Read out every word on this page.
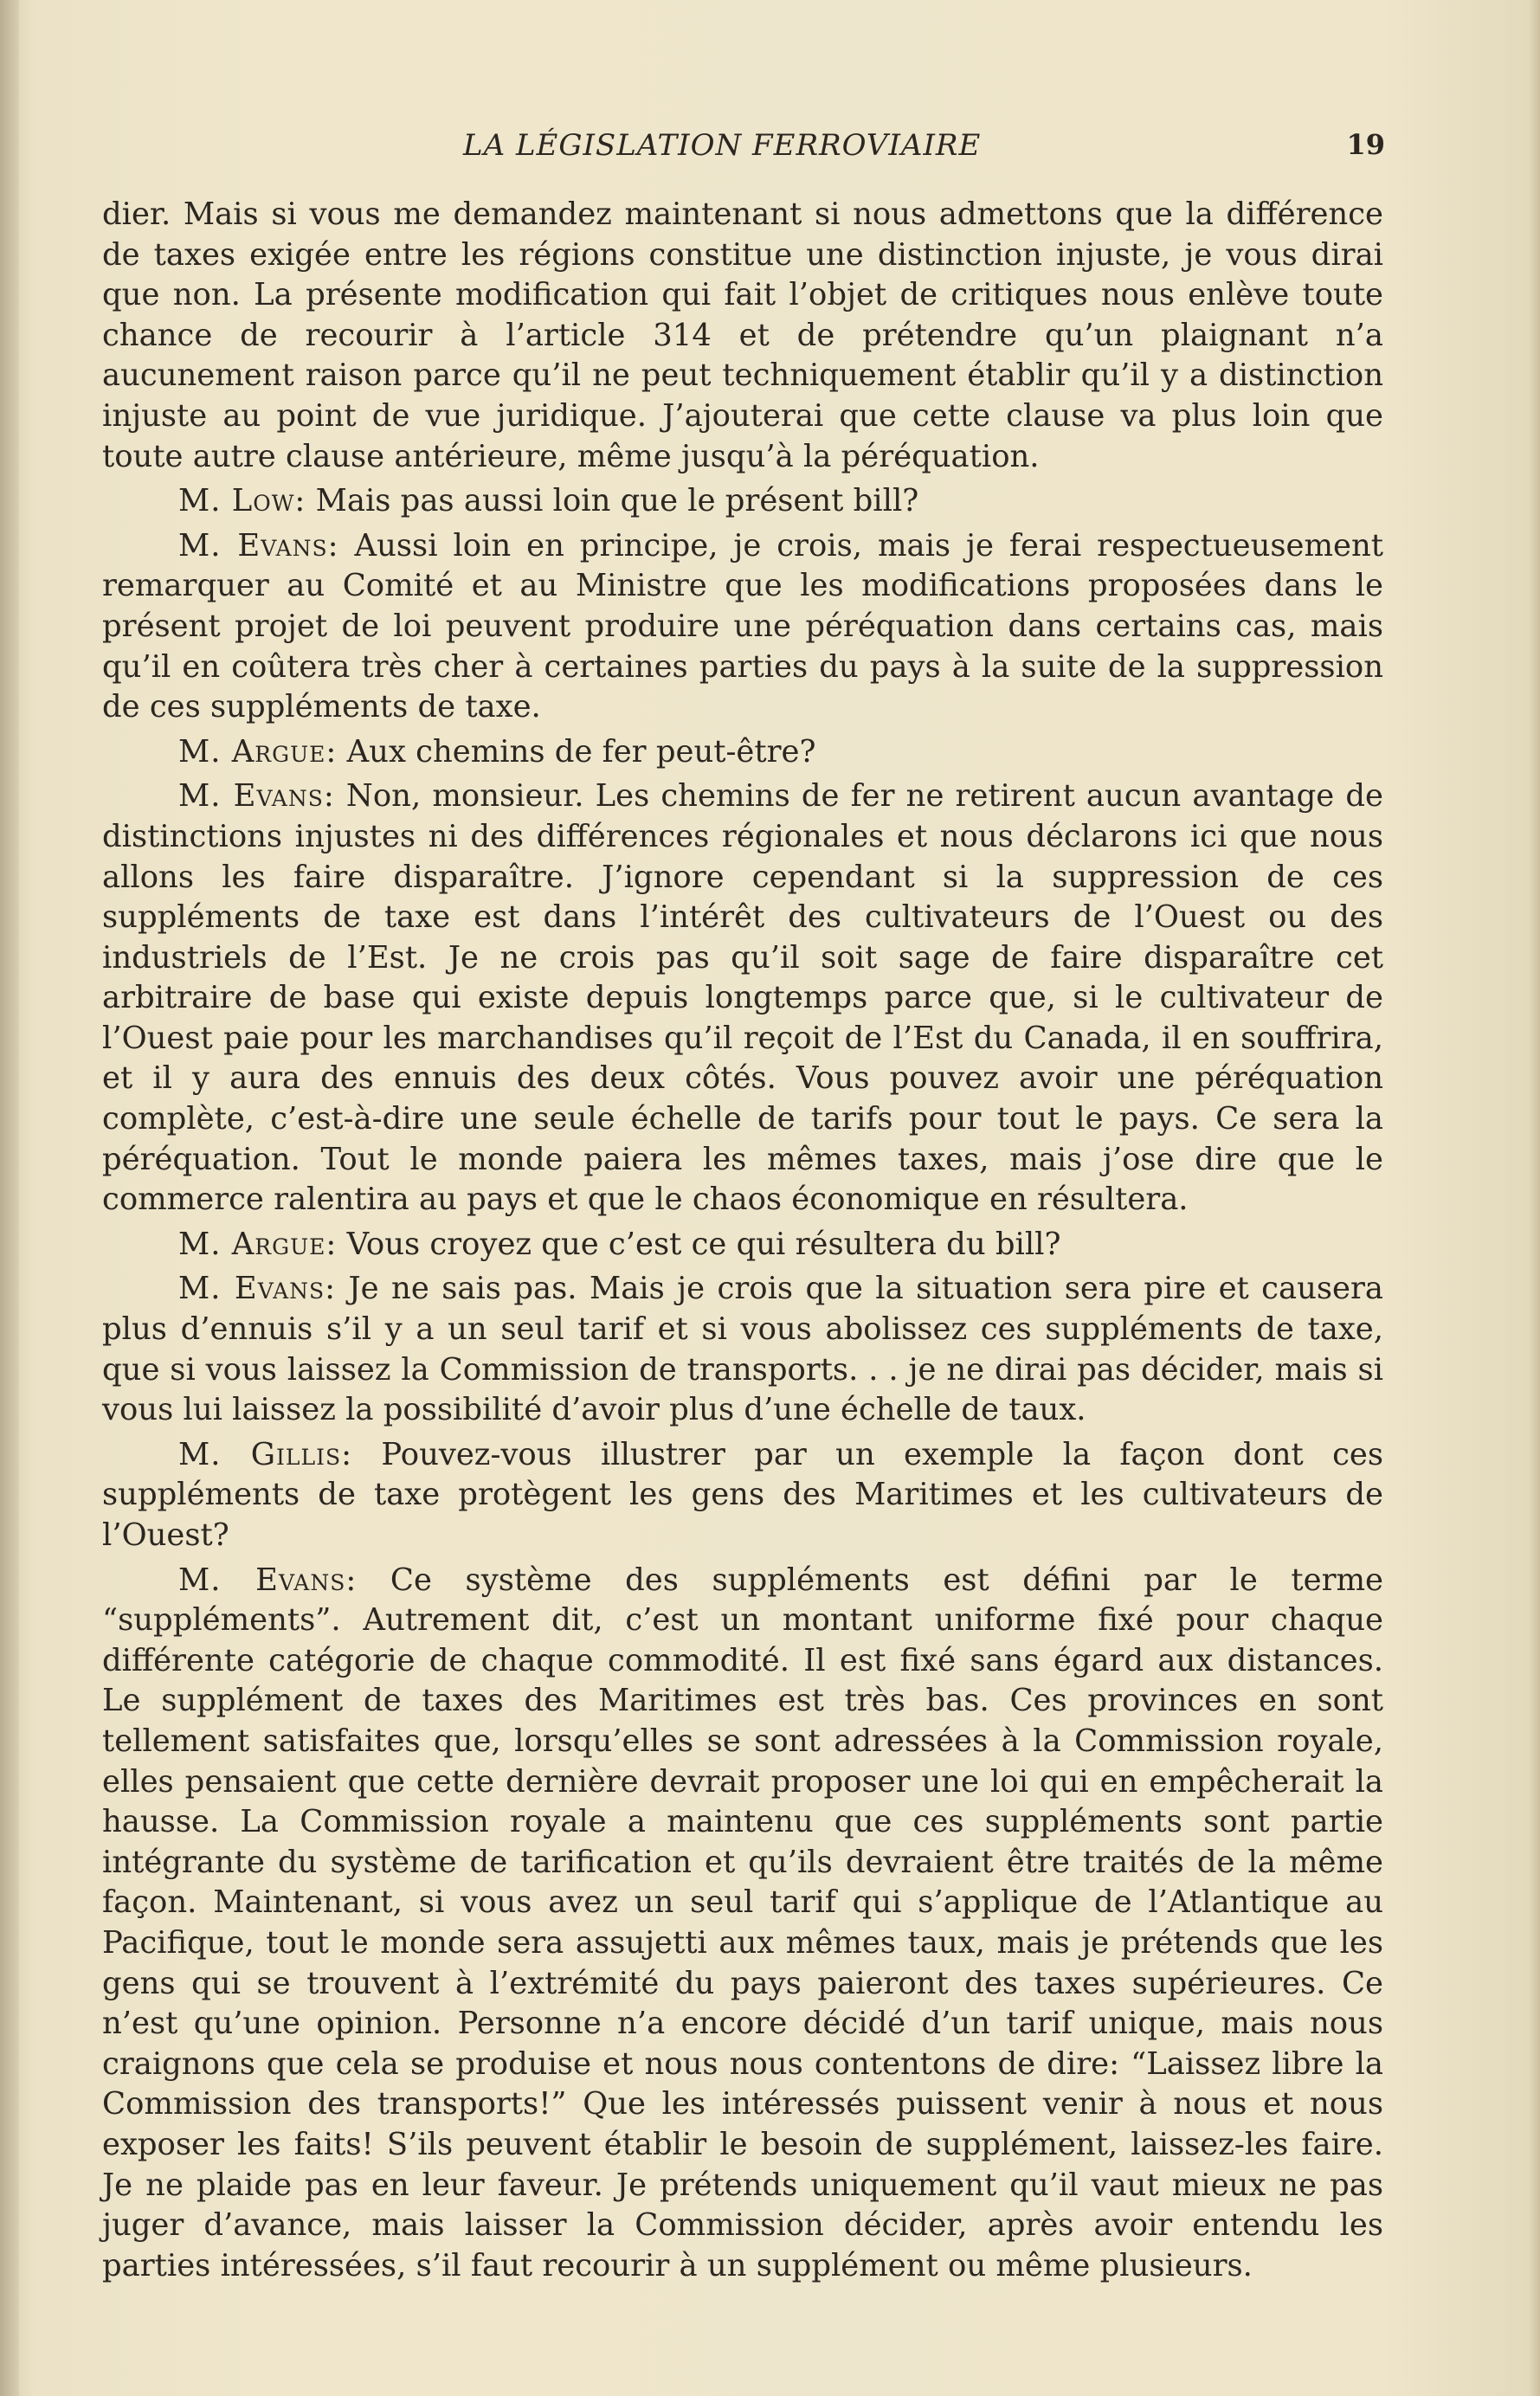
LA LÉGISLATION FERROVIAIRE	19

dier. Mais si vous me demandez maintenant si nous admettons que la différence de taxes exigée entre les régions constitue une distinction injuste, je vous dirai que non. La présente modification qui fait l’objet de critiques nous enlève toute chance de recourir à l’article 314 et de prétendre qu’un plaignant n’a aucunement raison parce qu’il ne peut techniquement établir qu’il y a distinction injuste au point de vue juridique. J’ajouterai que cette clause va plus loin que toute autre clause antérieure, même jusqu’à la péréquation.

M. Low: Mais pas aussi loin que le présent bill?

M. Evans: Aussi loin en principe, je crois, mais je ferai respectueusement remarquer au Comité et au Ministre que les modifications proposées dans le présent projet de loi peuvent produire une péréquation dans certains cas, mais qu’il en coûtera très cher à certaines parties du pays à la suite de la suppression de ces suppléments de taxe.

M. Argue: Aux chemins de fer peut-être?

M. Evans: Non, monsieur. Les chemins de fer ne retirent aucun avantage de distinctions injustes ni des différences régionales et nous déclarons ici que nous allons les faire disparaître. J’ignore cependant si la suppression de ces suppléments de taxe est dans l’intérêt des cultivateurs de l’Ouest ou des industriels de l’Est. Je ne crois pas qu’il soit sage de faire disparaître cet arbitraire de base qui existe depuis longtemps parce que, si le cultivateur de l’Ouest paie pour les marchandises qu’il reçoit de l’Est du Canada, il en souffrira, et il y aura des ennuis des deux côtés. Vous pouvez avoir une péréquation complète, c’est-à-dire une seule échelle de tarifs pour tout le pays. Ce sera la péréquation. Tout le monde paiera les mêmes taxes, mais j’ose dire que le commerce ralentira au pays et que le chaos économique en résultera.

M. Argue: Vous croyez que c’est ce qui résultera du bill?

M. Evans: Je ne sais pas. Mais je crois que la situation sera pire et causera plus d’ennuis s’il y a un seul tarif et si vous abolissez ces suppléments de taxe, que si vous laissez la Commission de transports. . . je ne dirai pas décider, mais si vous lui laissez la possibilité d’avoir plus d’une échelle de taux.

M. Gillis: Pouvez-vous illustrer par un exemple la façon dont ces suppléments de taxe protègent les gens des Maritimes et les cultivateurs de l’Ouest?

M. Evans: Ce système des suppléments est défini par le terme “suppléments”. Autrement dit, c’est un montant uniforme fixé pour chaque différente catégorie de chaque commodité. Il est fixé sans égard aux distances. Le supplément de taxes des Maritimes est très bas. Ces provinces en sont tellement satisfaites que, lorsqu’elles se sont adressées à la Commission royale, elles pensaient que cette dernière devrait proposer une loi qui en empêcherait la hausse. La Commission royale a maintenu que ces suppléments sont partie intégrante du système de tarification et qu’ils devraient être traités de la même façon. Maintenant, si vous avez un seul tarif qui s’applique de l’Atlantique au Pacifique, tout le monde sera assujetti aux mêmes taux, mais je prétends que les gens qui se trouvent à l’extrémité du pays paieront des taxes supérieures. Ce n’est qu’une opinion. Personne n’a encore décidé d’un tarif unique, mais nous craignons que cela se produise et nous nous contentons de dire: “Laissez libre la Commission des transports!” Que les intéressés puissent venir à nous et nous exposer les faits! S’ils peuvent établir le besoin de supplément, laissez-les faire. Je ne plaide pas en leur faveur. Je prétends uniquement qu’il vaut mieux ne pas juger d’avance, mais laisser la Commission décider, après avoir entendu les parties intéressées, s’il faut recourir à un supplément ou même plusieurs.
